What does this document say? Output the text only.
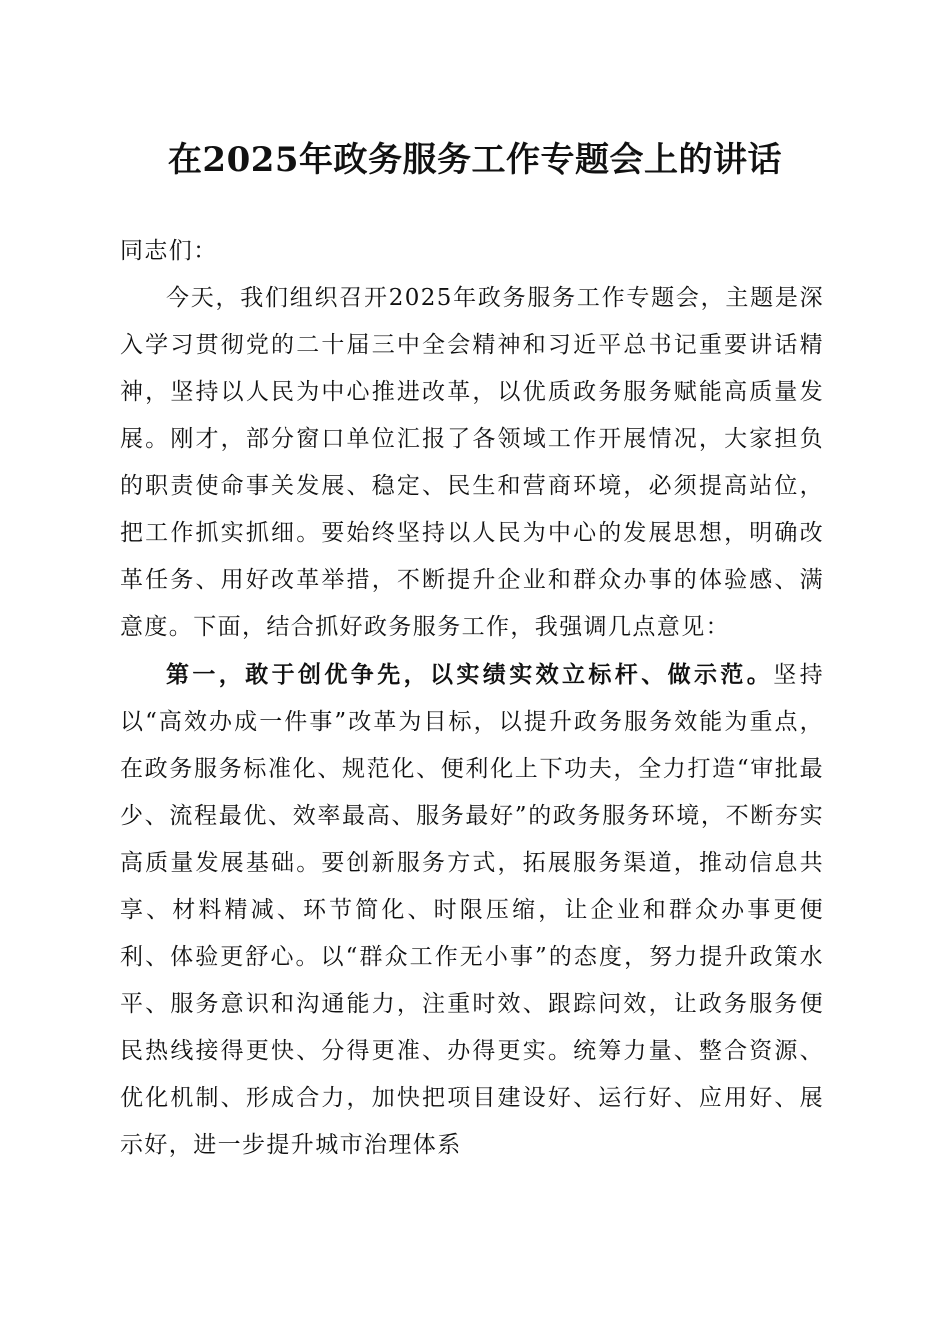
在2025年政务服务工作专题会上的讲话

同志们：

今天，我们组织召开2025年政务服务工作专题会，主题是深入学习贯彻党的二十届三中全会精神和习近平总书记重要讲话精神，坚持以人民为中心推进改革，以优质政务服务赋能高质量发展。刚才，部分窗口单位汇报了各领域工作开展情况，大家担负的职责使命事关发展、稳定、民生和营商环境，必须提高站位，把工作抓实抓细。要始终坚持以人民为中心的发展思想，明确改革任务、用好改革举措，不断提升企业和群众办事的体验感、满意度。下面，结合抓好政务服务工作，我强调几点意见：

第一，敢于创优争先，以实绩实效立标杆、做示范。坚持以“高效办成一件事”改革为目标，以提升政务服务效能为重点，在政务服务标准化、规范化、便利化上下功夫，全力打造“审批最少、流程最优、效率最高、服务最好”的政务服务环境，不断夯实高质量发展基础。要创新服务方式，拓展服务渠道，推动信息共享、材料精减、环节简化、时限压缩，让企业和群众办事更便利、体验更舒心。以“群众工作无小事”的态度，努力提升政策水平、服务意识和沟通能力，注重时效、跟踪问效，让政务服务便民热线接得更快、分得更准、办得更实。统筹力量、整合资源、优化机制、形成合力，加快把项目建设好、运行好、应用好、展示好，进一步提升城市治理体系
